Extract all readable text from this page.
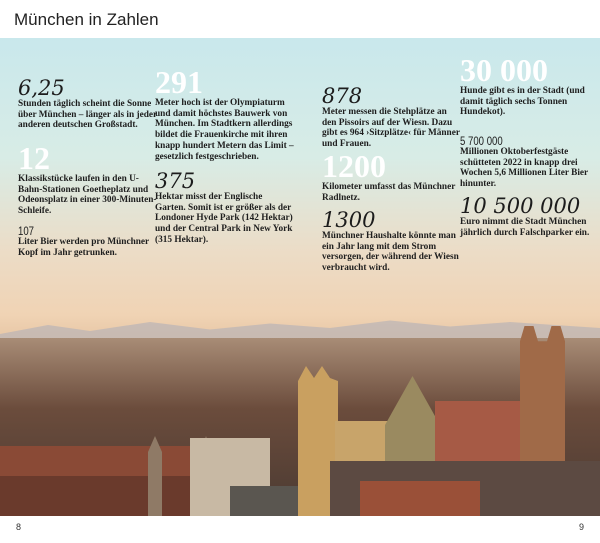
München in Zahlen
6,25
Stunden täglich scheint die Sonne über München – länger als in jeder anderen deutschen Großstadt.
12
Klassikstücke laufen in den U-Bahn-Stationen Goetheplatz und Odeonsplatz in einer 300-Minuten-Schleife.
107
Liter Bier werden pro Münchner Kopf im Jahr getrunken.
291
Meter hoch ist der Olympiaturm und damit höchstes Bauwerk von München. Im Stadtkern allerdings bildet die Frauenkirche mit ihren knapp hundert Metern das Limit – gesetzlich festgeschrieben.
375
Hektar misst der Englische Garten. Somit ist er größer als der Londoner Hyde Park (142 Hektar) und der Central Park in New York (315 Hektar).
878
Meter messen die Stehplätze an den Pissoirs auf der Wiesn. Dazu gibt es 964 ›Sitzplätze‹ für Männer und Frauen.
1200
Kilometer umfasst das Münchner Radlnetz.
1300
Münchner Haushalte könnte man ein Jahr lang mit dem Strom versorgen, der während der Wiesn verbraucht wird.
30 000
Hunde gibt es in der Stadt (und damit täglich sechs Tonnen Hundekot).
5 700 000
Millionen Oktoberfestgäste schütteten 2022 in knapp drei Wochen 5,6 Millionen Liter Bier hinunter.
10 500 000
Euro nimmt die Stadt München jährlich durch Falschparker ein.
8	9
